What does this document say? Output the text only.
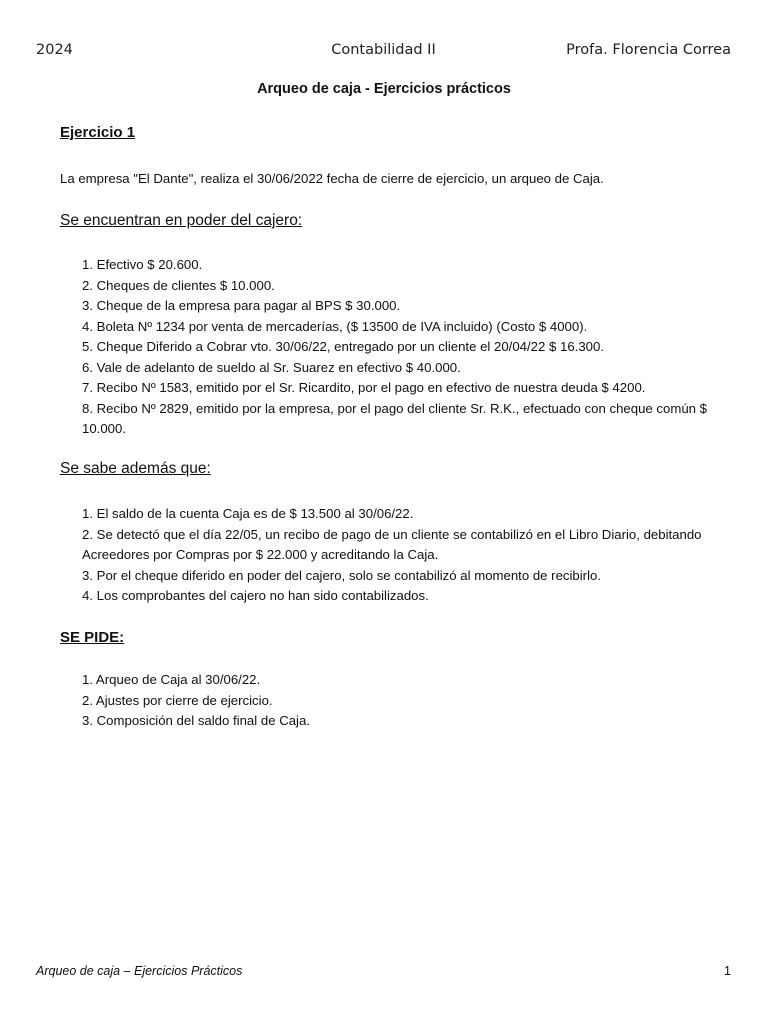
2024	Contabilidad II	Profa. Florencia Correa
Arqueo de caja - Ejercicios prácticos
Ejercicio 1

La empresa "El Dante", realiza el 30/06/2022 fecha de cierre de ejercicio, un arqueo de Caja.

Se encuentran en poder del cajero:
1. Efectivo $ 20.600.
2. Cheques de clientes $ 10.000.
3. Cheque de la empresa para pagar al BPS $ 30.000.
4. Boleta Nº 1234 por venta de mercaderías, ($ 13500 de IVA incluido) (Costo $ 4000).
5. Cheque Diferido a Cobrar vto. 30/06/22, entregado por un cliente el 20/04/22 $ 16.300.
6. Vale de adelanto de sueldo al Sr. Suarez en efectivo $ 40.000.
7. Recibo Nº 1583, emitido por el Sr. Ricardito, por el pago en efectivo de nuestra deuda $ 4200.
8. Recibo Nº 2829, emitido por la empresa, por el pago del cliente Sr. R.K., efectuado con cheque común $ 10.000.
Se sabe además que:
1. El saldo de la cuenta Caja es de $ 13.500 al 30/06/22.
2. Se detectó que el día 22/05, un recibo de pago de un cliente se contabilizó en el Libro Diario, debitando Acreedores por Compras por $ 22.000 y acreditando la Caja.
3. Por el cheque diferido en poder del cajero, solo se contabilizó al momento de recibirlo.
4. Los comprobantes del cajero no han sido contabilizados.
SE PIDE:
1. Arqueo de Caja al 30/06/22.
2. Ajustes por cierre de ejercicio.
3. Composición del saldo final de Caja.
Arqueo de caja – Ejercicios Prácticos	1
